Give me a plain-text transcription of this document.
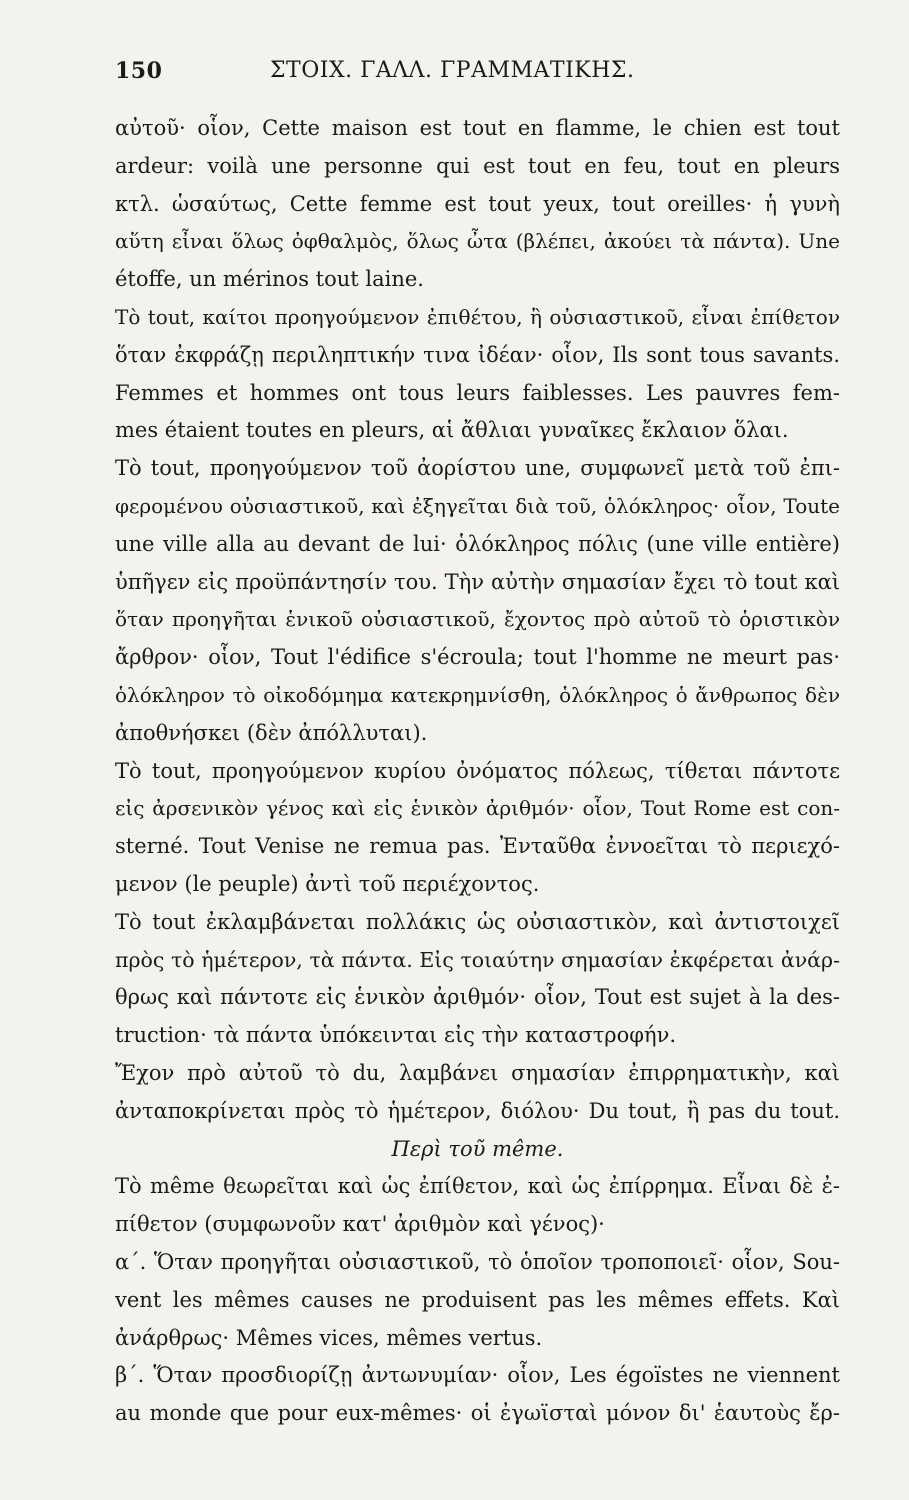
150	ΣΤΟΙΧ. ΓΑΛΛ. ΓΡΑΜΜΑΤΙΚΗΣ.
αὐτοῦ· οἷον, Cette maison est tout en flamme, le chien est tout
ardeur: voilà une personne qui est tout en feu, tout en pleurs
κτλ. ὡσαύτως, Cette femme est tout yeux, tout oreilles· ἡ γυνὴ
αὕτη εἶναι ὅλως ὀφθαλμὸς, ὅλως ὦτα (βλέπει, ἀκούει τὰ πάντα). Une
étoffe, un mérinos tout laine.
Τὸ tout, καίτοι προηγούμενον ἐπιθέτου, ἢ οὐσιαστικοῦ, εἶναι ἐπίθετον
ὅταν ἐκφράζῃ περιληπτικήν τινα ἰδέαν· οἷον, Ils sont tous savants.
Femmes et hommes ont tous leurs faiblesses. Les pauvres fem-
mes étaient toutes en pleurs, αἱ ἄθλιαι γυναῖκες ἔκλαιον ὅλαι.
Τὸ tout, προηγούμενον τοῦ ἀορίστου une, συμφωνεῖ μετὰ τοῦ ἐπι-
φερομένου οὐσιαστικοῦ, καὶ ἐξηγεῖται διὰ τοῦ, ὁλόκληρος· οἷον, Toute
une ville alla au devant de lui· ὁλόκληρος πόλις (une ville entière)
ὑπῆγεν εἰς προϋπάντησίν του. Τὴν αὐτὴν σημασίαν ἔχει τὸ tout καὶ
ὅταν προηγῆται ἑνικοῦ οὐσιαστικοῦ, ἔχοντος πρὸ αὐτοῦ τὸ ὁριστικὸν
ἄρθρον· οἷον, Tout l'édifice s'écroula; tout l'homme ne meurt pas·
ὁλόκληρον τὸ οἰκοδόμημα κατεκρημνίσθη, ὁλόκληρος ὁ ἄνθρωπος δὲν
ἀποθνήσκει (δὲν ἀπόλλυται).
Τὸ tout, προηγούμενον κυρίου ὀνόματος πόλεως, τίθεται πάντοτε
εἰς ἀρσενικὸν γένος καὶ εἰς ἑνικὸν ἀριθμόν· οἷον, Tout Rome est con-
sterné. Tout Venise ne remua pas. Ἐνταῦθα ἐννοεῖται τὸ περιεχό-
μενον (le peuple) ἀντὶ τοῦ περιέχοντος.
Τὸ tout ἐκλαμβάνεται πολλάκις ὡς οὐσιαστικὸν, καὶ ἀντιστοιχεῖ
πρὸς τὸ ἡμέτερον, τὰ πάντα. Εἰς τοιαύτην σημασίαν ἐκφέρεται ἀνάρ-
θρως καὶ πάντοτε εἰς ἑνικὸν ἀριθμόν· οἷον, Tout est sujet à la des-
truction· τὰ πάντα ὑπόκεινται εἰς τὴν καταστροφήν.
Ἔχον πρὸ αὐτοῦ τὸ du, λαμβάνει σημασίαν ἐπιρρηματικὴν, καὶ
ἀνταποκρίνεται πρὸς τὸ ἡμέτερον, διόλου· Du tout, ἢ pas du tout.
Περὶ τοῦ même.
Τὸ même θεωρεῖται καὶ ὡς ἐπίθετον, καὶ ὡς ἐπίρρημα. Εἶναι δὲ ἐ-
πίθετον (συμφωνοῦν κατ' ἀριθμὸν καὶ γένος)·
α΄. Ὅταν προηγῆται οὐσιαστικοῦ, τὸ ὁποῖον τροποποιεῖ· οἷον, Sou-
vent les mêmes causes ne produisent pas les mêmes effets. Καὶ
ἀνάρθρως· Mêmes vices, mêmes vertus.
β΄. Ὅταν προσδιορίζῃ ἀντωνυμίαν· οἷον, Les égoïstes ne viennent
au monde que pour eux-mêmes· οἱ ἐγωϊσταὶ μόνον δι' ἑαυτοὺς ἔρ-
